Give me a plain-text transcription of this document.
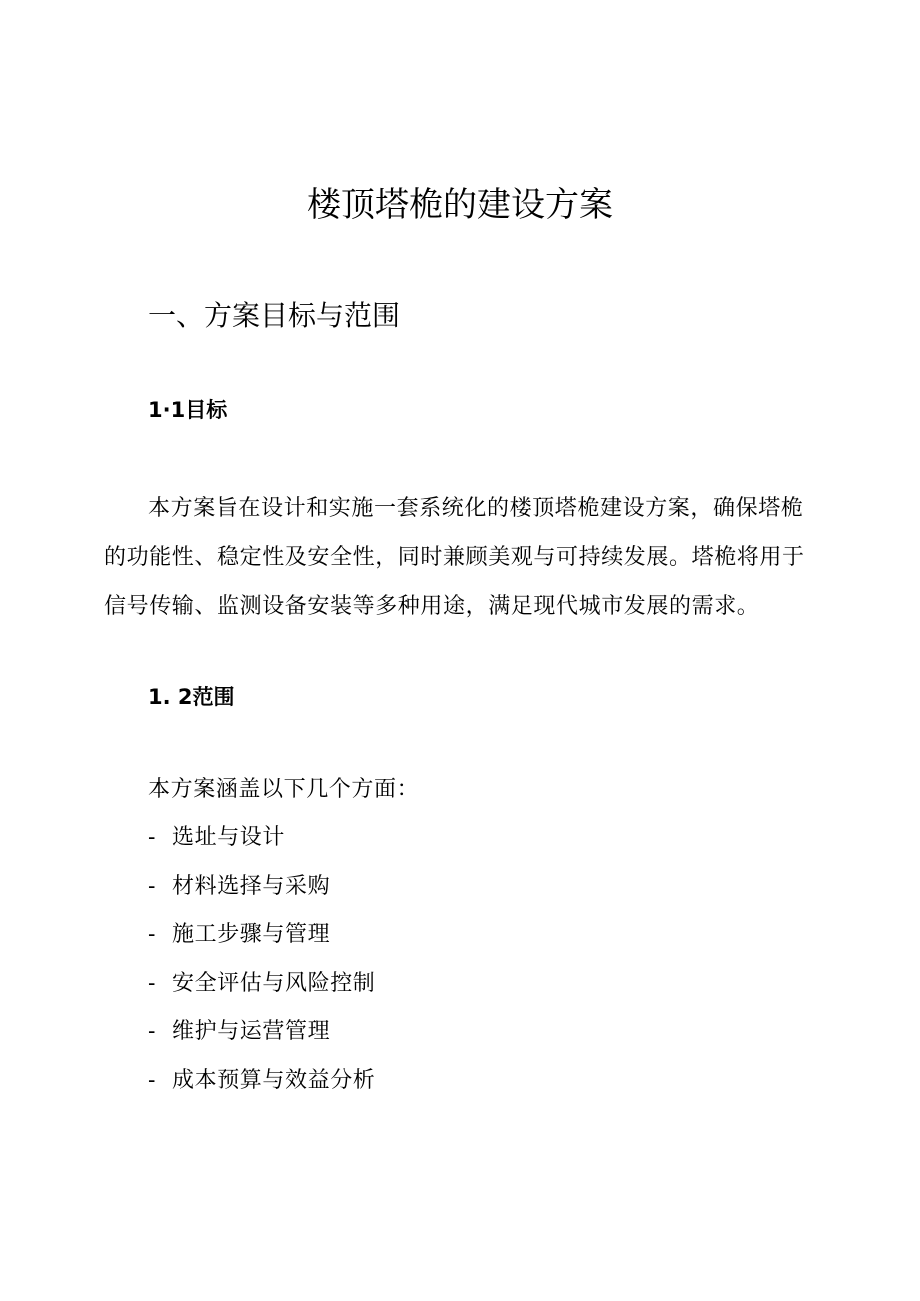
楼顶塔桅的建设方案
一、方案目标与范围
1·1目标

本方案旨在设计和实施一套系统化的楼顶塔桅建设方案，确保塔桅的功能性、稳定性及安全性，同时兼顾美观与可持续发展。塔桅将用于信号传输、监测设备安装等多种用途，满足现代城市发展的需求。

1. 2范围

本方案涵盖以下几个方面：

- 选址与设计
- 材料选择与采购
- 施工步骤与管理
- 安全评估与风险控制
- 维护与运营管理
- 成本预算与效益分析
